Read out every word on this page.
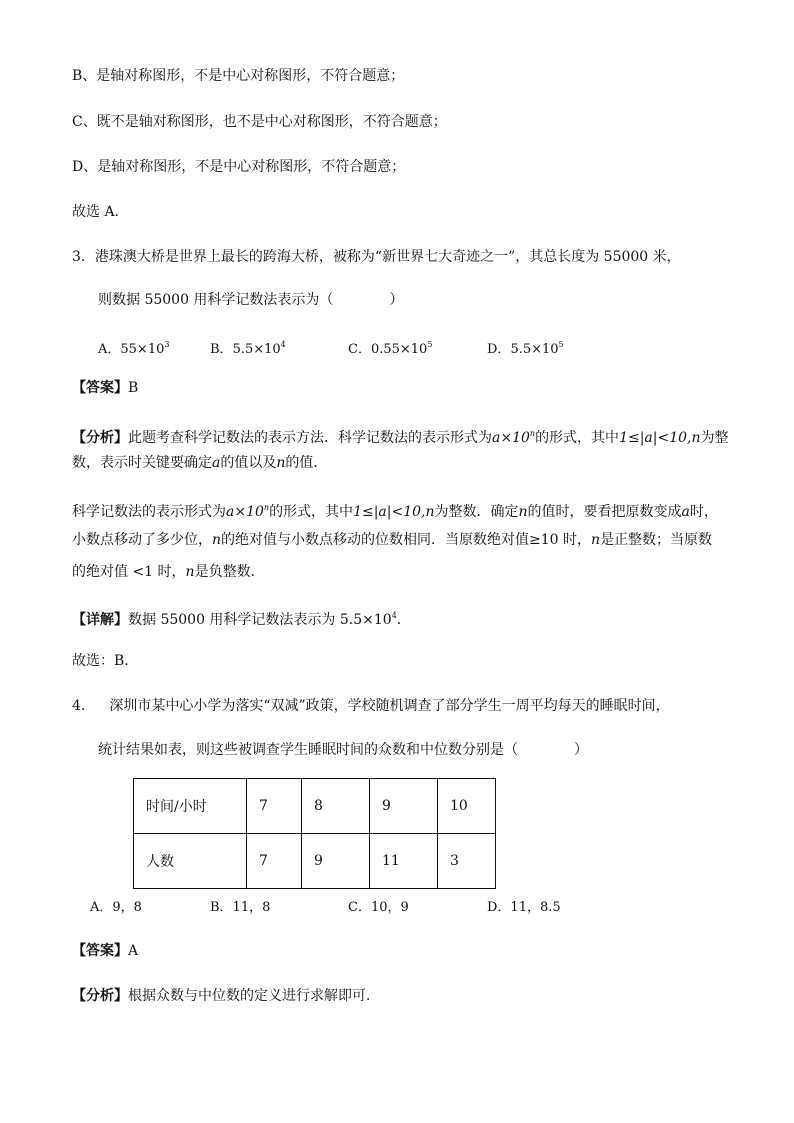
B、是轴对称图形，不是中心对称图形，不符合题意；
C、既不是轴对称图形，也不是中心对称图形，不符合题意；
D、是轴对称图形，不是中心对称图形，不符合题意；
故选 A．
3．港珠澳大桥是世界上最长的跨海大桥，被称为“新世界七大奇迹之一”，其总长度为 55000 米，
则数据 55000 用科学记数法表示为（　　　　）
A．$55\times 10^3$	B．$5.5\times 10^4$	C．$0.55\times 10^5$	D．$5.5\times 10^5$
【答案】B
【分析】此题考查科学记数法的表示方法．科学记数法的表示形式为$a\times 10^n$的形式，其中1≤|a|<10,n为整
数，表示时关键要确定a的值以及n的值．
科学记数法的表示形式为$a\times 10^n$的形式，其中1≤|a|<10,n为整数．确定n的值时，要看把原数变成a时，
小数点移动了多少位，n的绝对值与小数点移动的位数相同．当原数绝对值≥10 时，n是正整数；当原数
的绝对值 <1 时，n是负整数．
【详解】数据 55000 用科学记数法表示为 $5.5\times 10^4$．
故选：B．
4. 深圳市某中心小学为落实“双减”政策，学校随机调查了部分学生一周平均每天的睡眠时间，
统计结果如表，则这些被调查学生睡眠时间的众数和中位数分别是（　　　　）
时间/小时	7	8	9	10
人数	7	9	11	3
A．9，8	B．11，8	C．10，9	D．11，8.5
【答案】A
【分析】根据众数与中位数的定义进行求解即可．
